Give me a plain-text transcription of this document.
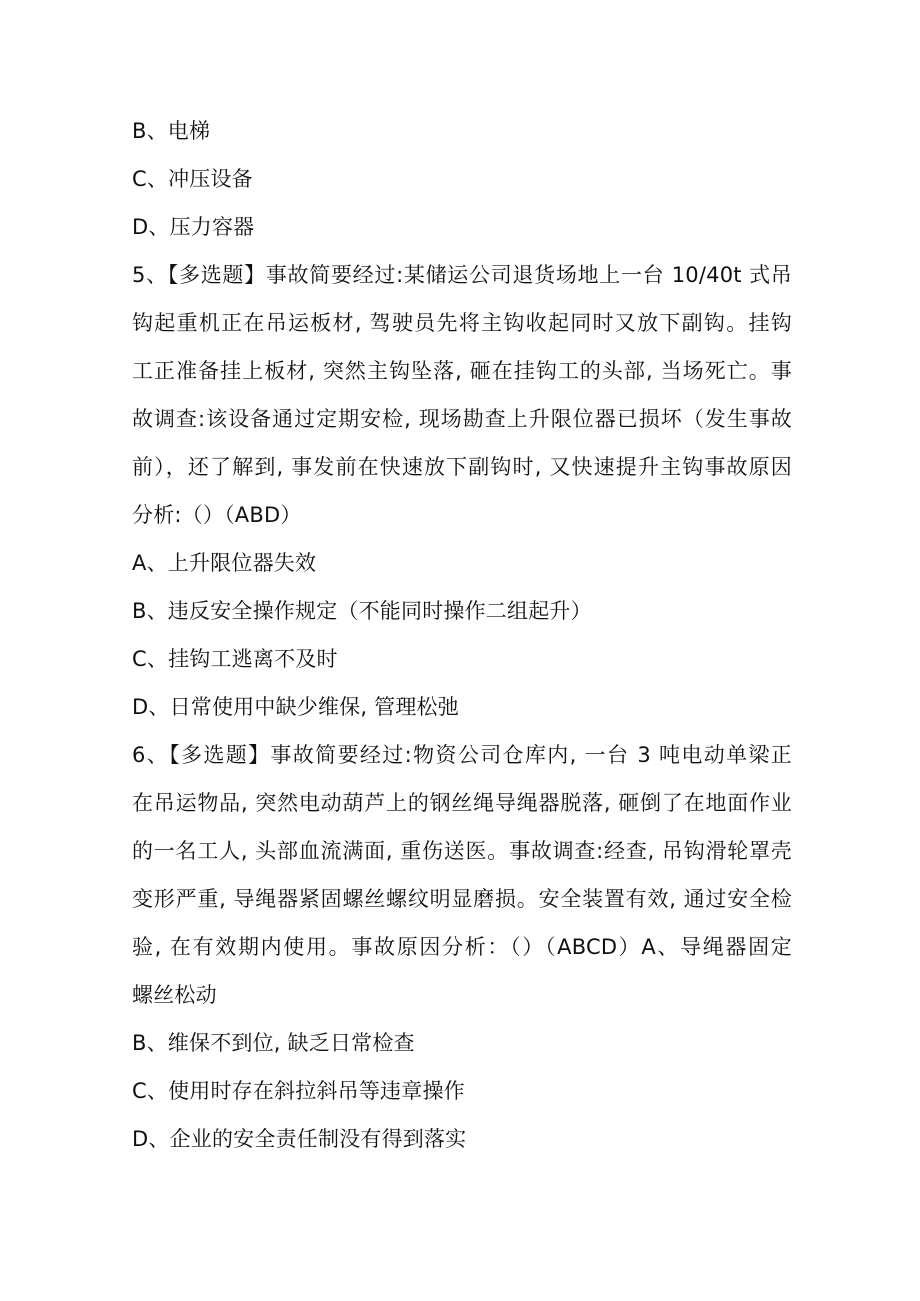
B、电梯
C、冲压设备
D、压力容器
5、【多选题】事故简要经过:某储运公司退货场地上一台 10/40t 式吊
钩起重机正在吊运板材, 驾驶员先将主钩收起同时又放下副钩。挂钩
工正准备挂上板材, 突然主钩坠落, 砸在挂钩工的头部, 当场死亡。事
故调查:该设备通过定期安检, 现场勘查上升限位器已损坏（发生事故
前），还了解到, 事发前在快速放下副钩时, 又快速提升主钩事故原因
分析:（）（ABD）
A、上升限位器失效
B、违反安全操作规定（不能同时操作二组起升）
C、挂钩工逃离不及时
D、日常使用中缺少维保, 管理松弛
6、【多选题】事故简要经过:物资公司仓库内, 一台 3 吨电动单梁正
在吊运物品, 突然电动葫芦上的钢丝绳导绳器脱落, 砸倒了在地面作业
的一名工人, 头部血流满面, 重伤送医。事故调查:经查, 吊钩滑轮罩壳
变形严重, 导绳器紧固螺丝螺纹明显磨损。安全装置有效, 通过安全检
验, 在有效期内使用。事故原因分析：（）（ABCD）A、导绳器固定
螺丝松动
B、维保不到位, 缺乏日常检查
C、使用时存在斜拉斜吊等违章操作
D、企业的安全责任制没有得到落实
